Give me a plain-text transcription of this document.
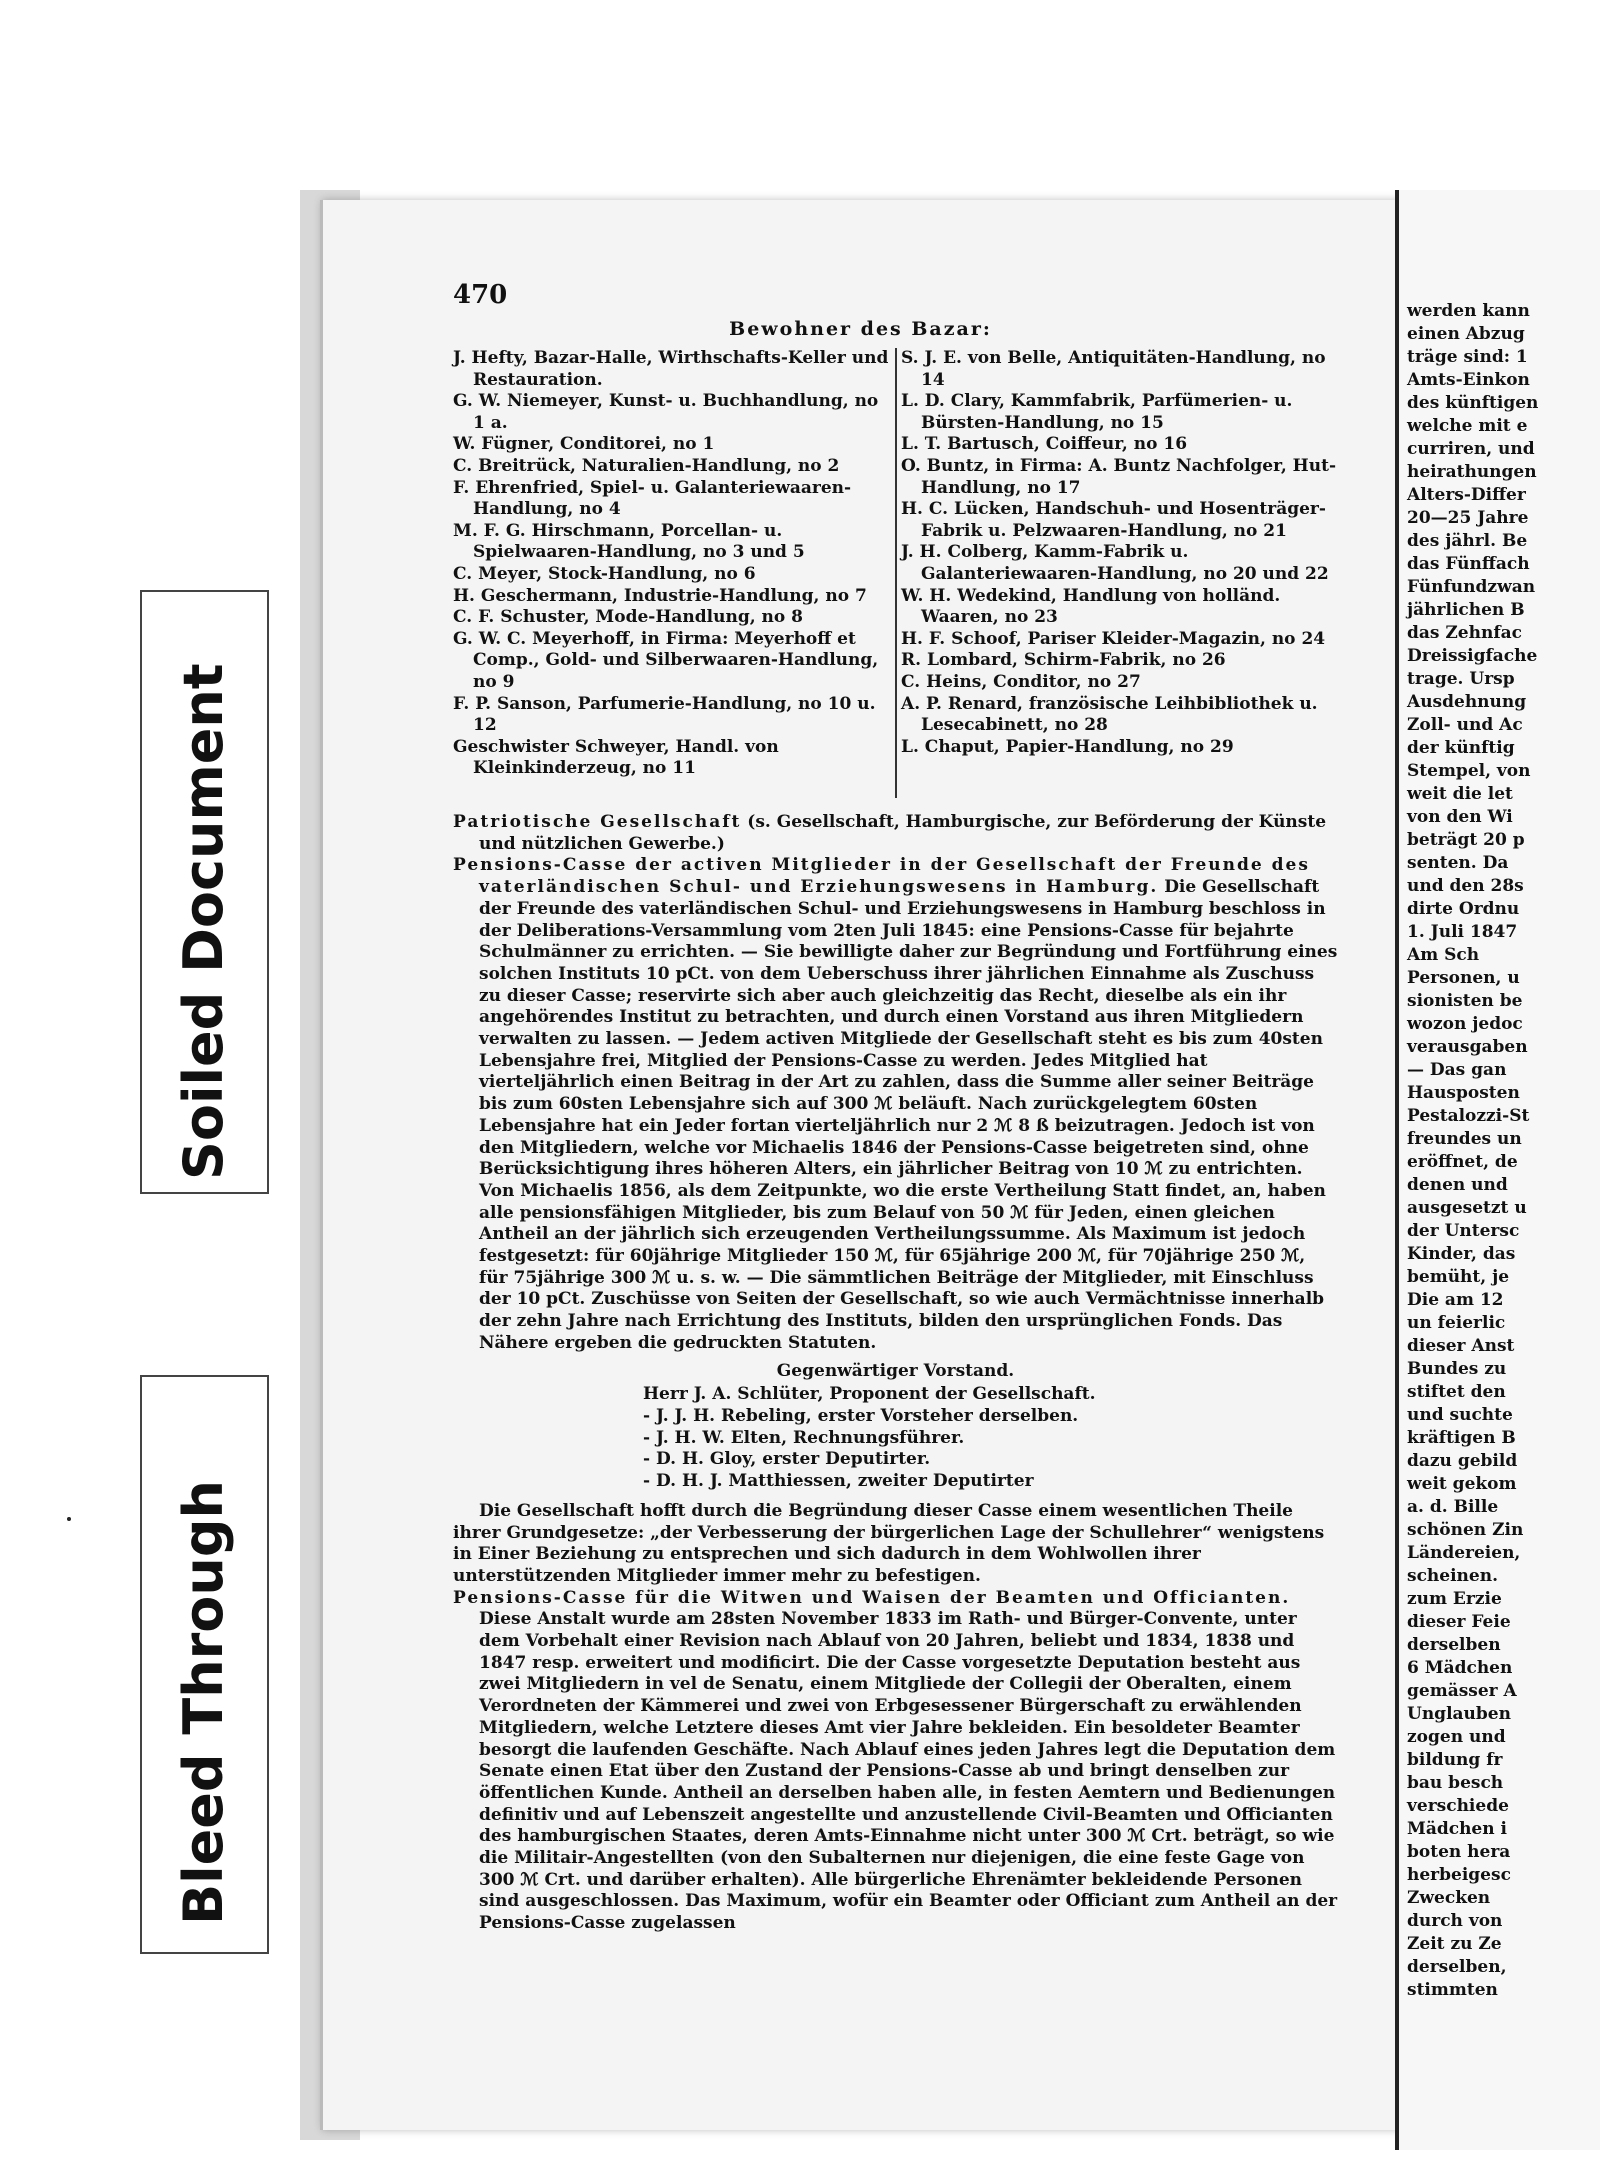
Soiled Document
Bleed Through
470
Bewohner des Bazar:
J. Hefty, Bazar-Halle, Wirthschafts-Keller und Restauration.
G. W. Niemeyer, Kunst- u. Buchhandlung, no 1 a.
W. Fügner, Conditorei, no 1
C. Breitrück, Naturalien-Handlung, no 2
F. Ehrenfried, Spiel- u. Galanteriewaaren-Handlung, no 4
M. F. G. Hirschmann, Porcellan- u. Spielwaaren-Handlung, no 3 und 5
C. Meyer, Stock-Handlung, no 6
H. Geschermann, Industrie-Handlung, no 7
C. F. Schuster, Mode-Handlung, no 8
G. W. C. Meyerhoff, in Firma: Meyerhoff et Comp., Gold- und Silberwaaren-Handlung, no 9
F. P. Sanson, Parfumerie-Handlung, no 10 u. 12
Geschwister Schweyer, Handl. von Kleinkinderzeug, no 11
S. J. E. von Belle, Antiquitäten-Handlung, no 14
L. D. Clary, Kammfabrik, Parfümerien- u. Bürsten-Handlung, no 15
L. T. Bartusch, Coiffeur, no 16
O. Buntz, in Firma: A. Buntz Nachfolger, Hut-Handlung, no 17
H. C. Lücken, Handschuh- und Hosenträger-Fabrik u. Pelzwaaren-Handlung, no 21
J. H. Colberg, Kamm-Fabrik u. Galanteriewaaren-Handlung, no 20 und 22
W. H. Wedekind, Handlung von holländ. Waaren, no 23
H. F. Schoof, Pariser Kleider-Magazin, no 24
R. Lombard, Schirm-Fabrik, no 26
C. Heins, Conditor, no 27
A. P. Renard, französische Leihbibliothek u. Lesecabinett, no 28
L. Chaput, Papier-Handlung, no 29

Patriotische Gesellschaft (s. Gesellschaft, Hamburgische, zur Beförderung der Künste und nützlichen Gewerbe.)

Pensions-Casse der activen Mitglieder in der Gesellschaft der Freunde des vaterländischen Schul- und Erziehungswesens in Hamburg. Die Gesellschaft der Freunde des vaterländischen Schul- und Erziehungswesens in Hamburg beschloss in der Deliberations-Versammlung vom 2ten Juli 1845: eine Pensions-Casse für bejahrte Schulmänner zu errichten. — Sie bewilligte daher zur Begründung und Fortführung eines solchen Instituts 10 pCt. von dem Ueberschuss ihrer jährlichen Einnahme als Zuschuss zu dieser Casse; reservirte sich aber auch gleichzeitig das Recht, dieselbe als ein ihr angehörendes Institut zu betrachten, und durch einen Vorstand aus ihren Mitgliedern verwalten zu lassen. — Jedem activen Mitgliede der Gesellschaft steht es bis zum 40sten Lebensjahre frei, Mitglied der Pensions-Casse zu werden. Jedes Mitglied hat vierteljährlich einen Beitrag in der Art zu zahlen, dass die Summe aller seiner Beiträge bis zum 60sten Lebensjahre sich auf 300 ℳ beläuft. Nach zurückgelegtem 60sten Lebensjahre hat ein Jeder fortan vierteljährlich nur 2 ℳ 8 ß beizutragen. Jedoch ist von den Mitgliedern, welche vor Michaelis 1846 der Pensions-Casse beigetreten sind, ohne Berücksichtigung ihres höheren Alters, ein jährlicher Beitrag von 10 ℳ zu entrichten. Von Michaelis 1856, als dem Zeitpunkte, wo die erste Vertheilung Statt findet, an, haben alle pensionsfähigen Mitglieder, bis zum Belauf von 50 ℳ für Jeden, einen gleichen Antheil an der jährlich sich erzeugenden Vertheilungssumme. Als Maximum ist jedoch festgesetzt: für 60jährige Mitglieder 150 ℳ, für 65jährige 200 ℳ, für 70jährige 250 ℳ, für 75jährige 300 ℳ u. s. w. — Die sämmtlichen Beiträge der Mitglieder, mit Einschluss der 10 pCt. Zuschüsse von Seiten der Gesellschaft, so wie auch Vermächtnisse innerhalb der zehn Jahre nach Errichtung des Instituts, bilden den ursprünglichen Fonds. Das Nähere ergeben die gedruckten Statuten.

Gegenwärtiger Vorstand.

Herr J. A. Schlüter, Proponent der Gesellschaft.

- J. J. H. Rebeling, erster Vorsteher derselben.

- J. H. W. Elten, Rechnungsführer.

- D. H. Gloy, erster Deputirter.

- D. H. J. Matthiessen, zweiter Deputirter

Die Gesellschaft hofft durch die Begründung dieser Casse einem wesentlichen Theile ihrer Grundgesetze: „der Verbesserung der bürgerlichen Lage der Schullehrer“ wenigstens in Einer Beziehung zu entsprechen und sich dadurch in dem Wohlwollen ihrer unterstützenden Mitglieder immer mehr zu befestigen.

Pensions-Casse für die Witwen und Waisen der Beamten und Officianten. Diese Anstalt wurde am 28sten November 1833 im Rath- und Bürger-Convente, unter dem Vorbehalt einer Revision nach Ablauf von 20 Jahren, beliebt und 1834, 1838 und 1847 resp. erweitert und modificirt. Die der Casse vorgesetzte Deputation besteht aus zwei Mitgliedern in vel de Senatu, einem Mitgliede der Collegii der Oberalten, einem Verordneten der Kämmerei und zwei von Erbgesessener Bürgerschaft zu erwählenden Mitgliedern, welche Letztere dieses Amt vier Jahre bekleiden. Ein besoldeter Beamter besorgt die laufenden Geschäfte. Nach Ablauf eines jeden Jahres legt die Deputation dem Senate einen Etat über den Zustand der Pensions-Casse ab und bringt denselben zur öffentlichen Kunde. Antheil an derselben haben alle, in festen Aemtern und Bedienungen definitiv und auf Lebenszeit angestellte und anzustellende Civil-Beamten und Officianten des hamburgischen Staates, deren Amts-Einnahme nicht unter 300 ℳ Crt. beträgt, so wie die Militair-Angestellten (von den Subalternen nur diejenigen, die eine feste Gage von 300 ℳ Crt. und darüber erhalten). Alle bürgerliche Ehrenämter bekleidende Personen sind ausgeschlossen. Das Maximum, wofür ein Beamter oder Officiant zum Antheil an der Pensions-Casse zugelassen

werden kann
einen Abzug
träge sind: 1
Amts-Einkon
des künftigen
welche mit e
curriren, und
heirathungen
Alters-Differ
20—25 Jahre
des jährl. Be
das Fünffach
Fünfundzwan
jährlichen B
das Zehnfac
Dreissigfache
trage. Ursp
Ausdehnung
Zoll- und Ac
der künftig
Stempel, von
weit die let
von den Wi
beträgt 20 p
senten. Da
und den 28s
dirte Ordnu
1. Juli 1847
Am Sch
Personen, u
sionisten be
wozon jedoc
verausgaben
— Das gan
Hausposten
Pestalozzi-St
freundes un
eröffnet, de
denen und
ausgesetzt u
der Untersc
Kinder, das
bemüht, je
Die am 12
un feierlic
dieser Anst
Bundes zu
stiftet den
und suchte
kräftigen B
dazu gebild
weit gekom
a. d. Bille
schönen Zin
Ländereien,
scheinen.
zum Erzie
dieser Feie
derselben
6 Mädchen
gemässer A
Unglauben
zogen und
bildung fr
bau besch
verschiede
Mädchen i
boten hera
herbeigesc
Zwecken
durch von
Zeit zu Ze
derselben,
stimmten
